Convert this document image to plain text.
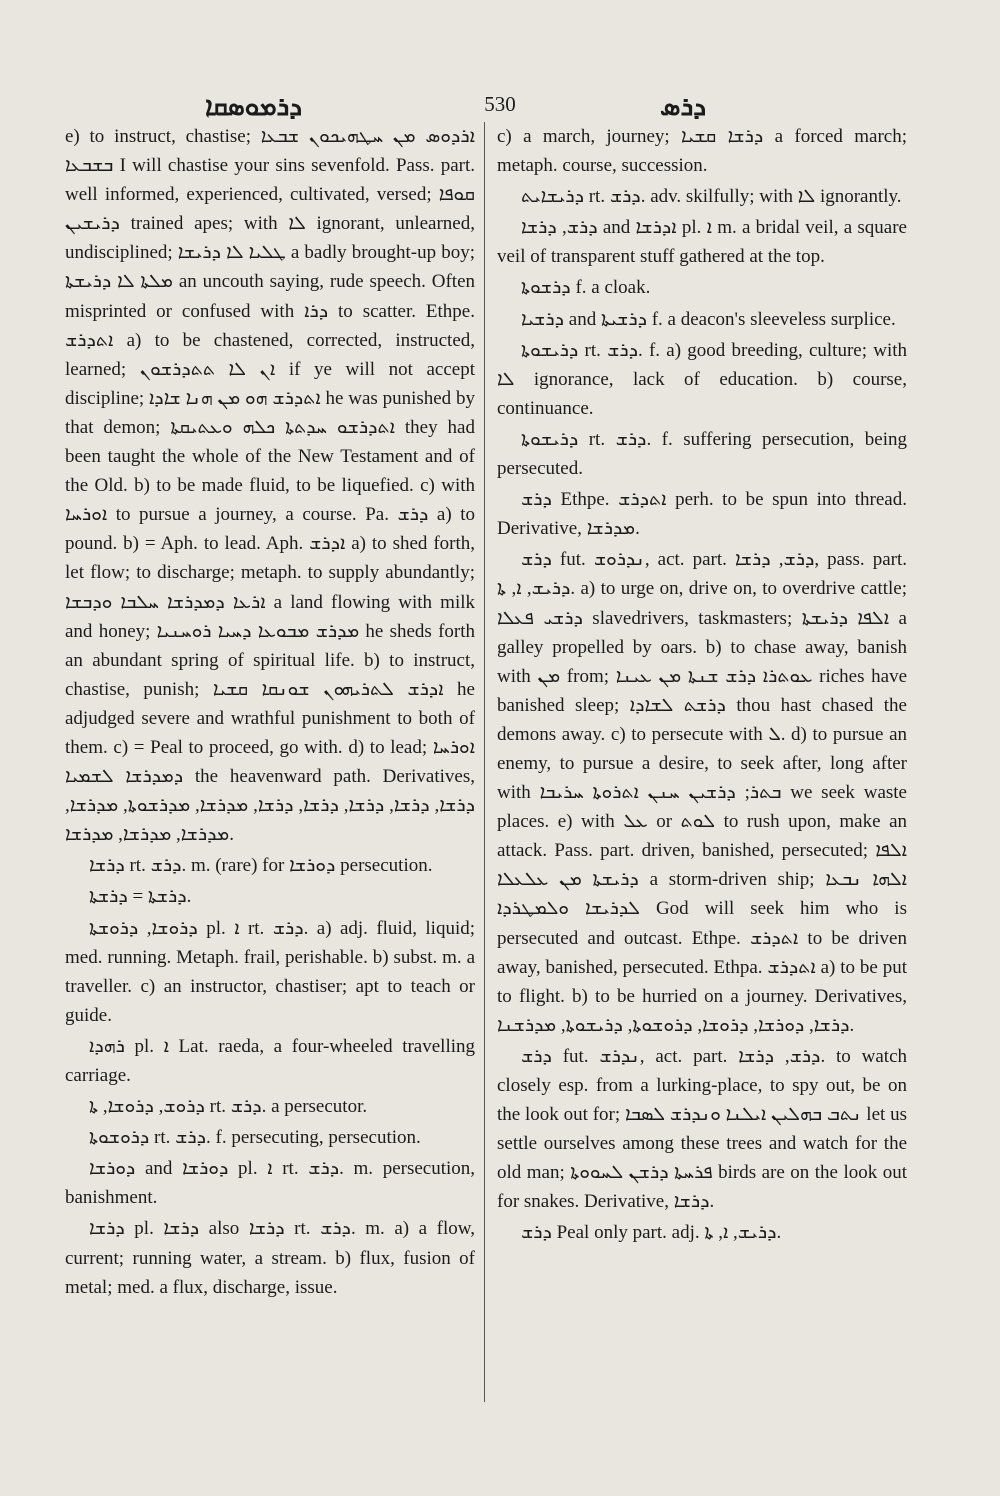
ܕܪܡܘܣܩܐ	530	ܕܪܣ

e) to instruct, chastise; ܐܪܕܘܣ ܡܢ ܚܛܗܝܟܘܢ ܫܒܥܐ ܒܫܒܥܐ I will chastise your sins sevenfold. Pass. part. well informed, experienced, cultivated, versed; ܩܘܦܐ ܕܪܝܫܝܢ trained apes; with ܠܐ ignorant, unlearned, undisciplined; ܛܠܝܐ ܠܐ ܕܪܝܫܐ a badly brought-up boy; ܡܠܬܐ ܠܐ ܕܪܝܫܬܐ an uncouth saying, rude speech. Often misprinted or confused with ܕܪܐ to scatter. Ethpe. ܐܬܕܪܫ a) to be chastened, corrected, instructed, learned; ܐܢ ܠܐ ܬܬܕܪܫܘܢ if ye will not accept discipline; ܐܬܕܪܫ ܗܘ ܡܢ ܗܢܐ ܫܐܕܐ he was punished by that demon; ܐܬܕܪܫܘ ܚܕܬܬܐ ܟܠܗ ܘܥܬܝܩܬܐ they had been taught the whole of the New Testament and of the Old. b) to be made fluid, to be liquefied. c) with ܐܘܪܚܐ to pursue a journey, a course. Pa. ܕܪܫ a) to pound. b) = Aph. to lead. Aph. ܐܕܪܫ a) to shed forth, let flow; to discharge; metaph. to supply abundantly; ܐܪܥܐ ܕܡܕܪܫܐ ܚܠܒܐ ܘܕܒܫܐ a land flowing with milk and honey; ܡܕܪܫ ܡܒܘܥܐ ܕܚܝܐ ܪܘܚܢܝܐ he sheds forth an abundant spring of spiritual life. b) to instruct, chastise, punish; ܐܕܪܫ ܠܬܪܝܗܘܢ ܫܘܢܩܐ ܩܫܝܐ he adjudged severe and wrathful punishment to both of them. c) = Peal to proceed, go with. d) to lead; ܐܘܪܚܐ ܕܡܕܪܫܐ ܠܫܡܝܐ the heavenward path. Derivatives, ܕܪܫܐ, ܕܪܫܐ, ܕܪܫܐ, ܕܪܫܐ, ܕܪܫܐ, ܡܕܪܫܐ, ܡܕܪܫܘܬܐ, ܡܕܪܫܐ, ܡܕܪܫܐ, ܡܕܪܫܐ, ܡܕܪܫܐ.

ܕܪܫܐ rt. ܕܪܫ. m. (rare) for ܕܘܪܫܐ persecution.

ܕܪܫܬܐ = ܕܪܫܬܐ.

ܕܪܘܫܐ, ܕܪܘܫܬܐ pl. ܐ rt. ܕܪܫ. a) adj. fluid, liquid; med. running. Metaph. frail, perishable. b) subst. m. a traveller. c) an instructor, chastiser; apt to teach or guide.

ܪܗܕܐ pl. ܐ Lat. raeda, a four-wheeled travelling carriage.

ܕܪܘܫ, ܕܪܘܫܐ, ܬܐ rt. ܕܪܫ. a persecutor.

ܕܪܘܫܘܬܐ rt. ܕܪܫ. f. persecuting, persecution.

ܕܘܪܫܐ and ܕܘܪܫܐ pl. ܐ rt. ܕܪܫ. m. persecution, banishment.

ܕܪܫܐ pl. ܕܪܫܐ also ܕܪܫܐ rt. ܕܪܫ. m. a) a flow, current; running water, a stream. b) flux, fusion of metal; med. a flux, discharge, issue.

c) a march, journey; ܕܪܫܐ ܩܫܝܐ a forced march; metaph. course, succession.

ܕܪܝܫܐܝܬ rt. ܕܪܫ. adv. skilfully; with ܠܐ ignorantly.

ܕܪܫ, ܕܪܫܐ and ܐܕܪܫܐ pl. ܐ m. a bridal veil, a square veil of transparent stuff gathered at the top.

ܕܪܫܘܬܐ f. a cloak.

ܕܪܫܝܐ and ܕܪܫܝܬܐ f. a deacon's sleeveless surplice.

ܕܪܝܫܘܬܐ rt. ܕܪܫ. f. a) good breeding, culture; with ܠܐ ignorance, lack of education. b) course, continuance.

ܕܪܝܫܘܬܐ rt. ܕܪܫ. f. suffering persecution, being persecuted.

ܕܪܫ Ethpe. ܐܬܕܪܫ perh. to be spun into thread. Derivative, ܡܕܪܫܐ.

ܕܪܫ fut. ܢܕܪܘܫ, act. part. ܕܪܫ, ܕܪܫܐ, pass. part. ܕܪܝܫ, ܐ, ܬܐ. a) to urge on, drive on, to overdrive cattle; ܕܪܫܝ ܦܥܠܐ slavedrivers, taskmasters; ܐܠܦܐ ܕܪܝܫܬܐ a galley propelled by oars. b) to chase away, banish with ܡܢ from; ܥܘܬܪܐ ܕܪܫ ܫܢܬܐ ܡܢ ܥܝܢܐ riches have banished sleep; ܕܪܫܬ ܠܫܐܕܐ thou hast chased the demons away. c) to persecute with ܠ. d) to pursue an enemy, to pursue a desire, to seek after, long after with ܒܬܪ; ܕܪܫܝܢ ܚܢܢ ܐܬܪܘܬܐ ܚܪܝܒܐ we seek waste places. e) with ܥܠ or ܠܘܬ to rush upon, make an attack. Pass. part. driven, banished, persecuted; ܐܠܦܐ ܕܪܝܫܬܐ ܡܢ ܥܠܥܠܐ a storm-driven ship; ܐܠܗܐ ܢܒܥܐ ܠܕܪܝܫܐ ܘܠܡܛܪܕܐ God will seek him who is persecuted and outcast. Ethpe. ܐܬܕܪܫ to be driven away, banished, persecuted. Ethpa. ܐܬܕܪܫ a) to be put to flight. b) to be hurried on a journey. Derivatives, ܕܪܫܐ, ܕܘܪܫܐ, ܕܪܘܫܐ, ܕܪܘܫܘܬܐ, ܕܪܝܫܘܬܐ, ܡܕܪܫܢܐ.

ܕܪܫ fut. ܢܕܪܫ, act. part. ܕܪܫ, ܕܪܫܐ. to watch closely esp. from a lurking-place, to spy out, be on the look out for; ܢܬܒ ܒܗܠܝܢ ܐܝܠܢܐ ܘܢܕܪܫ ܠܣܒܐ let us settle ourselves among these trees and watch for the old man; ܦܪܚܬܐ ܕܪܫܢ ܠܚܘܘܬܐ birds are on the look out for snakes. Derivative, ܕܪܫܐ.

ܕܪܫ Peal only part. adj. ܕܪܝܫ, ܐ, ܬܐ.
